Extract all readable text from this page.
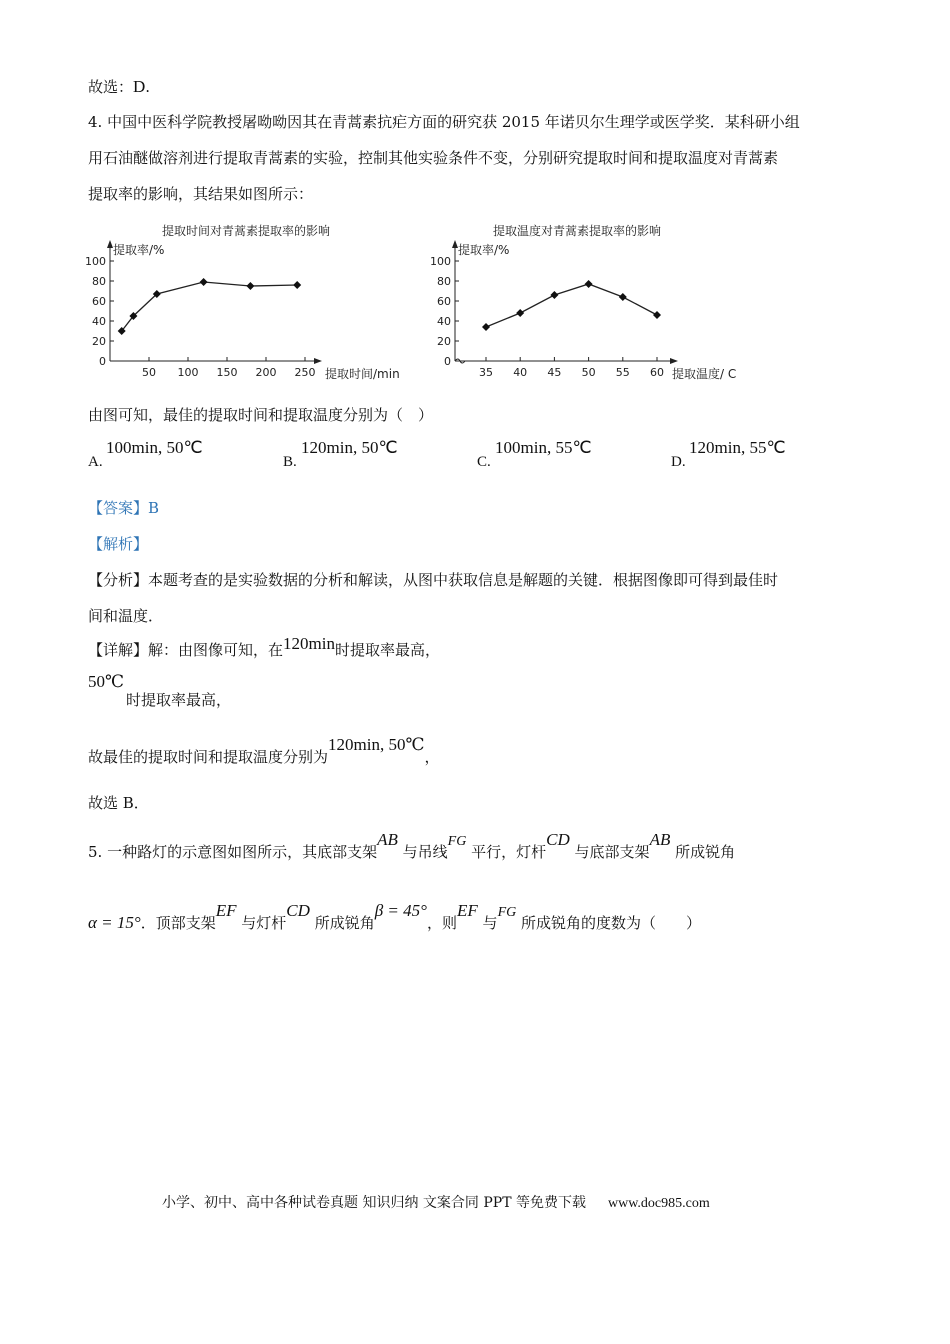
故选：D.
4. 中国中医科学院教授屠呦呦因其在青蒿素抗疟方面的研究获 2015 年诺贝尔生理学或医学奖．某科研小组
用石油醚做溶剂进行提取青蒿素的实验，控制其他实验条件不变，分别研究提取时间和提取温度对青蒿素
提取率的影响，其结果如图所示：
提取时间对青蒿素提取率的影响
提取率/%
提取时间/min
0
20
40
60
80
100
50 100 150 200 250
提取温度对青蒿素提取率的影响
提取率/%
提取温度/ C
0
20
40
60
80
100
35 40 45 50 55 60
由图可知，最佳的提取时间和提取温度分别为（　）
A.
100min, 50℃
B.
120min, 50℃
C.
100min, 55℃
D.
120min, 55℃
【答案】B
【解析】
【分析】本题考查的是实验数据的分析和解读，从图中获取信息是解题的关键．根据图像即可得到最佳时
间和温度．
【详解】解：由图像可知，在120min时提取率最高，
50℃
时提取率最高，
故最佳的提取时间和提取温度分别为120min, 50℃，
故选 B．
5. 一种路灯的示意图如图所示，其底部支架AB 与吊线FG 平行，灯杆CD 与底部支架AB 所成锐角
α = 15°．顶部支架EF 与灯杆CD 所成锐角β = 45°，则EF 与FG 所成锐角的度数为（　　）
小学、初中、高中各种试卷真题 知识归纳 文案合同 PPT 等免费下载 www.doc985.com
